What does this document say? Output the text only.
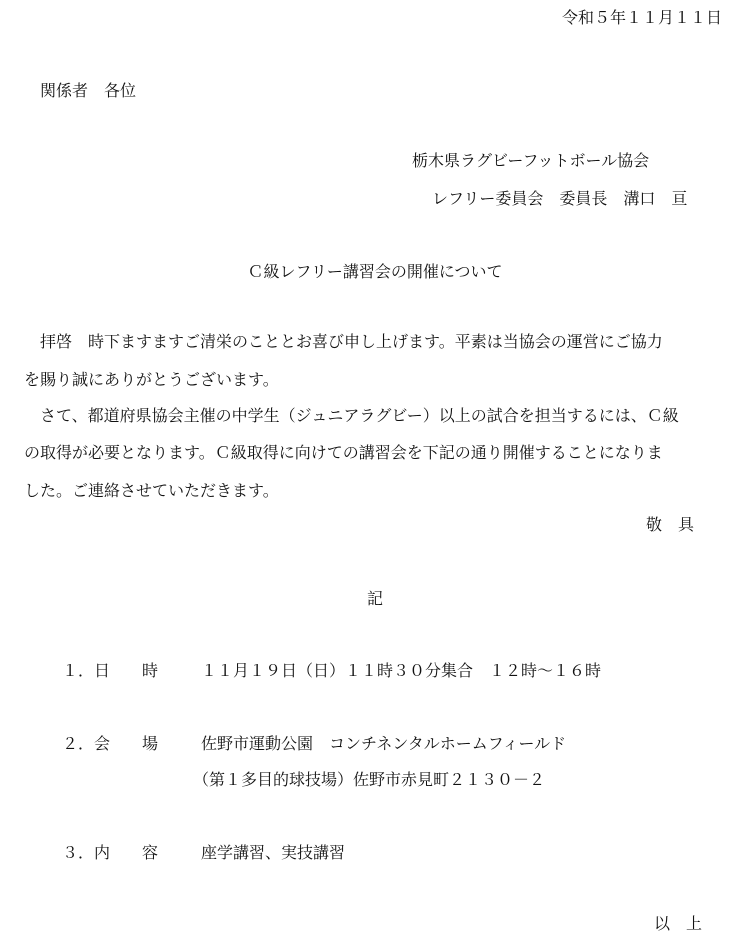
令和５年１１月１１日
関係者　各位
栃木県ラグビーフットボール協会
レフリー委員会　委員長　溝口　亘
Ｃ級レフリー講習会の開催について
拝啓　時下ますますご清栄のこととお喜び申し上げます。平素は当協会の運営にご協力
を賜り誠にありがとうございます。
さて、都道府県協会主催の中学生（ジュニアラグビー）以上の試合を担当するには、Ｃ級
の取得が必要となります。Ｃ級取得に向けての講習会を下記の通り開催することになりま
した。ご連絡させていただきます。
敬　具
記
１．日　　時	１１月１９日（日）１１時３０分集合　１２時～１６時
２．会　　場	佐野市運動公園　コンチネンタルホームフィールド
（第１多目的球技場）佐野市赤見町２１３０－２
３．内　　容	座学講習、実技講習
以　上
